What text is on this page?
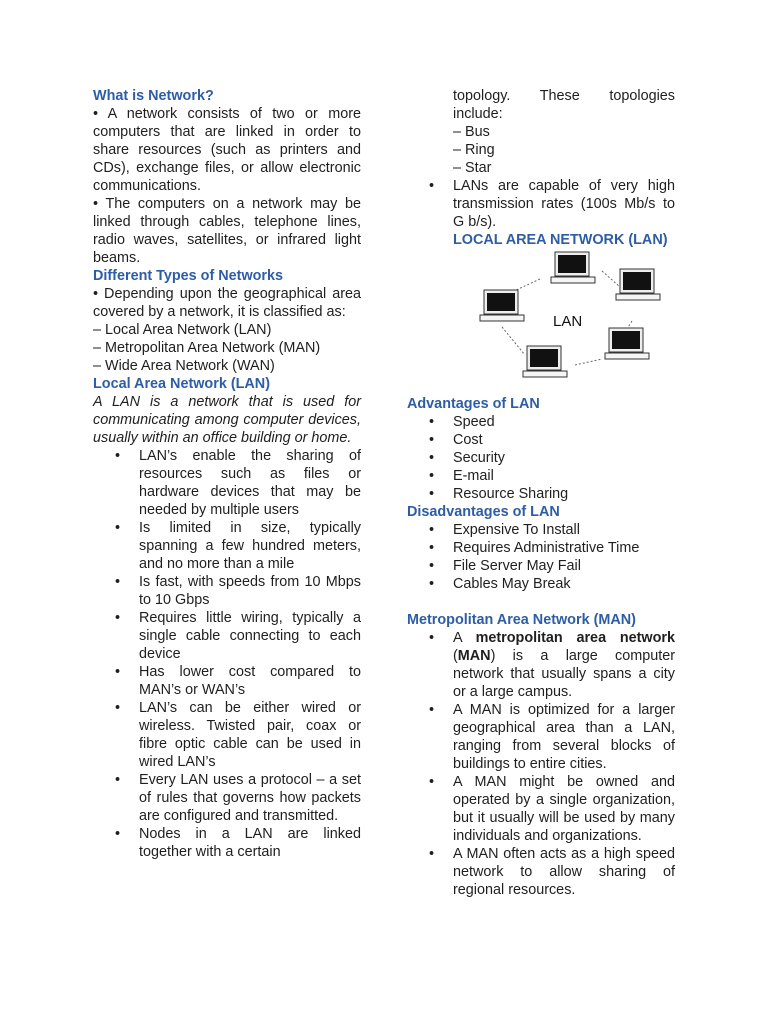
What is Network?

• A network consists of two or more computers that are linked in order to share resources (such as printers and CDs), exchange files, or allow electronic communications.

• The computers on a network may be linked through cables, telephone lines, radio waves, satellites, or infrared light beams.

Different Types of Networks

• Depending upon the geographical area covered by a network, it is classified as:

– Local Area Network (LAN)

– Metropolitan Area Network (MAN)

– Wide Area Network (WAN)

Local Area Network (LAN)

A LAN is a network that is used for communicating among computer devices, usually within an office building or home.

• LAN’s enable the sharing of resources such as files or hardware devices that may be needed by multiple users
• Is limited in size, typically spanning a few hundred meters, and no more than a mile
• Is fast, with speeds from 10 Mbps to 10 Gbps
• Requires little wiring, typically a single cable connecting to each device
• Has lower cost compared to MAN’s or WAN’s
• LAN’s can be either wired or wireless. Twisted pair, coax or fibre optic cable can be used in wired LAN’s
• Every LAN uses a protocol – a set of rules that governs how packets are configured and transmitted.
• Nodes in a LAN are linked together with a certain

topology. These topologies include:

– Bus

– Ring

– Star

• LANs are capable of very high transmission rates (100s Mb/s to G b/s).

LOCAL AREA NETWORK (LAN)

LAN

Advantages of LAN

• Speed
• Cost
• Security
• E-mail
• Resource Sharing

Disadvantages of LAN

• Expensive To Install
• Requires Administrative Time
• File Server May Fail
• Cables May Break

Metropolitan Area Network (MAN)

• A metropolitan area network (MAN) is a large computer network that usually spans a city or a large campus.
• A MAN is optimized for a larger geographical area than a LAN, ranging from several blocks of buildings to entire cities.
• A MAN might be owned and operated by a single organization, but it usually will be used by many individuals and organizations.
• A MAN often acts as a high speed network to allow sharing of regional resources.
